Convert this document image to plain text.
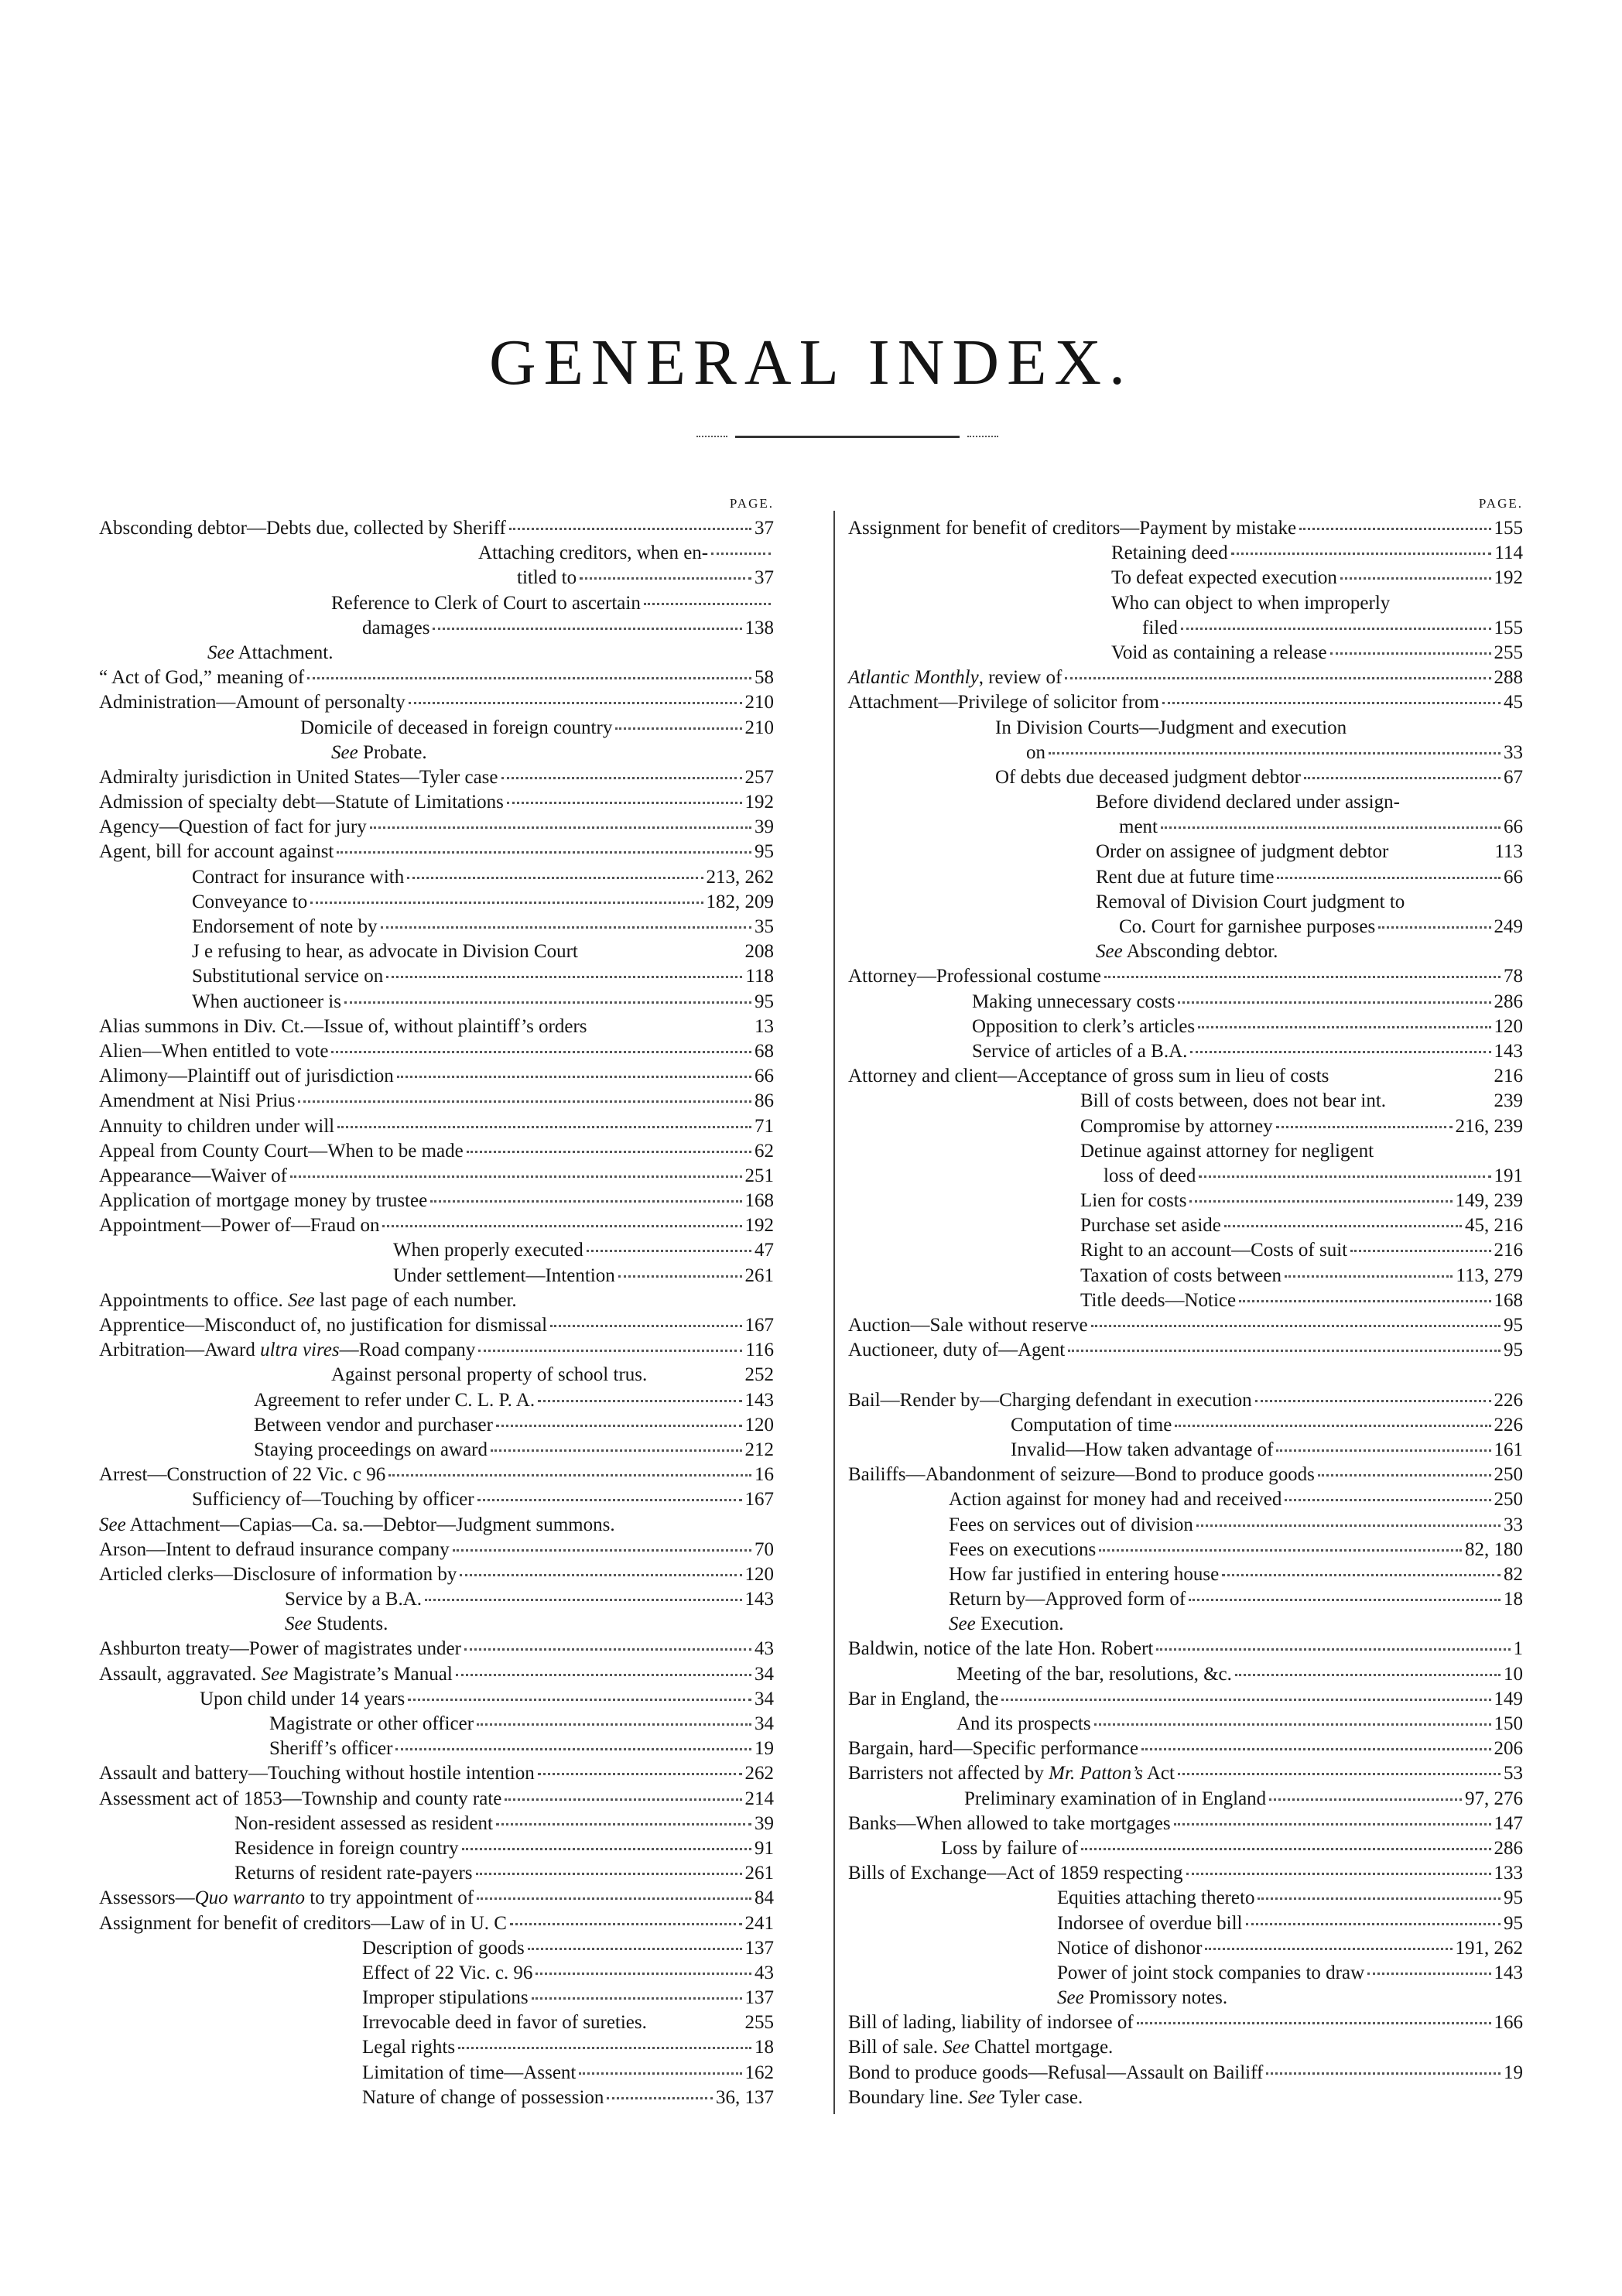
GENERAL INDEX.
PAGE.
Absconding debtor—Debts due, collected by Sheriff	37
Attaching creditors, when en-
titled to	37
Reference to Clerk of Court to ascertain
damages	138
See Attachment.
“ Act of God,” meaning of	58
Administration—Amount of personalty	210
Domicile of deceased in foreign country	210
See Probate.
Admiralty jurisdiction in United States—Tyler case	257
Admission of specialty debt—Statute of Limitations	192
Agency—Question of fact for jury	39
Agent, bill for account against	95
Contract for insurance with	213, 262
Conveyance to	182, 209
Endorsement of note by	35
J e refusing to hear, as advocate in Division Court	208
Substitutional service on	118
When auctioneer is	95
Alias summons in Div. Ct.—Issue of, without plaintiff’s orders	13
Alien—When entitled to vote	68
Alimony—Plaintiff out of jurisdiction	66
Amendment at Nisi Prius	86
Annuity to children under will	71
Appeal from County Court—When to be made	62
Appearance—Waiver of	251
Application of mortgage money by trustee	168
Appointment—Power of—Fraud on	192
When properly executed	47
Under settlement—Intention	261
Appointments to office. See last page of each number.
Apprentice—Misconduct of, no justification for dismissal	167
Arbitration—Award ultra vires—Road company	116
Against personal property of school trus.	252
Agreement to refer under C. L. P. A.	143
Between vendor and purchaser	120
Staying proceedings on award	212
Arrest—Construction of 22 Vic. c 96	16
Sufficiency of—Touching by officer	167
See Attachment—Capias—Ca. sa.—Debtor—Judgment summons.
Arson—Intent to defraud insurance company	70
Articled clerks—Disclosure of information by	120
Service by a B.A.	143
See Students.
Ashburton treaty—Power of magistrates under	43
Assault, aggravated. See Magistrate’s Manual	34
Upon child under 14 years	34
Magistrate or other officer	34
Sheriff’s officer	19
Assault and battery—Touching without hostile intention	262
Assessment act of 1853—Township and county rate	214
Non-resident assessed as resident	39
Residence in foreign country	91
Returns of resident rate-payers	261
Assessors—Quo warranto to try appointment of	84
Assignment for benefit of creditors—Law of in U. C	241
Description of goods	137
Effect of 22 Vic. c. 96	43
Improper stipulations	137
Irrevocable deed in favor of sureties.	255
Legal rights	18
Limitation of time—Assent	162
Nature of change of possession	36, 137
PAGE.
Assignment for benefit of creditors—Payment by mistake	155
Retaining deed	114
To defeat expected execution	192
Who can object to when improperly
filed	155
Void as containing a release	255
Atlantic Monthly, review of	288
Attachment—Privilege of solicitor from	45
In Division Courts—Judgment and execution
on	33
Of debts due deceased judgment debtor	67
Before dividend declared under assign-
ment	66
Order on assignee of judgment debtor	113
Rent due at future time	66
Removal of Division Court judgment to
Co. Court for garnishee purposes	249
See Absconding debtor.
Attorney—Professional costume	78
Making unnecessary costs	286
Opposition to clerk’s articles	120
Service of articles of a B.A.	143
Attorney and client—Acceptance of gross sum in lieu of costs	216
Bill of costs between, does not bear int.	239
Compromise by attorney	216, 239
Detinue against attorney for negligent
loss of deed	191
Lien for costs	149, 239
Purchase set aside	45, 216
Right to an account—Costs of suit	216
Taxation of costs between	113, 279
Title deeds—Notice	168
Auction—Sale without reserve	95
Auctioneer, duty of—Agent	95
Bail—Render by—Charging defendant in execution	226
Computation of time	226
Invalid—How taken advantage of	161
Bailiffs—Abandonment of seizure—Bond to produce goods	250
Action against for money had and received	250
Fees on services out of division	33
Fees on executions	82, 180
How far justified in entering house	82
Return by—Approved form of	18
See Execution.
Baldwin, notice of the late Hon. Robert	1
Meeting of the bar, resolutions, &c.	10
Bar in England, the	149
And its prospects	150
Bargain, hard—Specific performance	206
Barristers not affected by Mr. Patton’s Act	53
Preliminary examination of in England	97, 276
Banks—When allowed to take mortgages	147
Loss by failure of	286
Bills of Exchange—Act of 1859 respecting	133
Equities attaching thereto	95
Indorsee of overdue bill	95
Notice of dishonor	191, 262
Power of joint stock companies to draw	143
See Promissory notes.
Bill of lading, liability of indorsee of	166
Bill of sale. See Chattel mortgage.
Bond to produce goods—Refusal—Assault on Bailiff	19
Boundary line. See Tyler case.
